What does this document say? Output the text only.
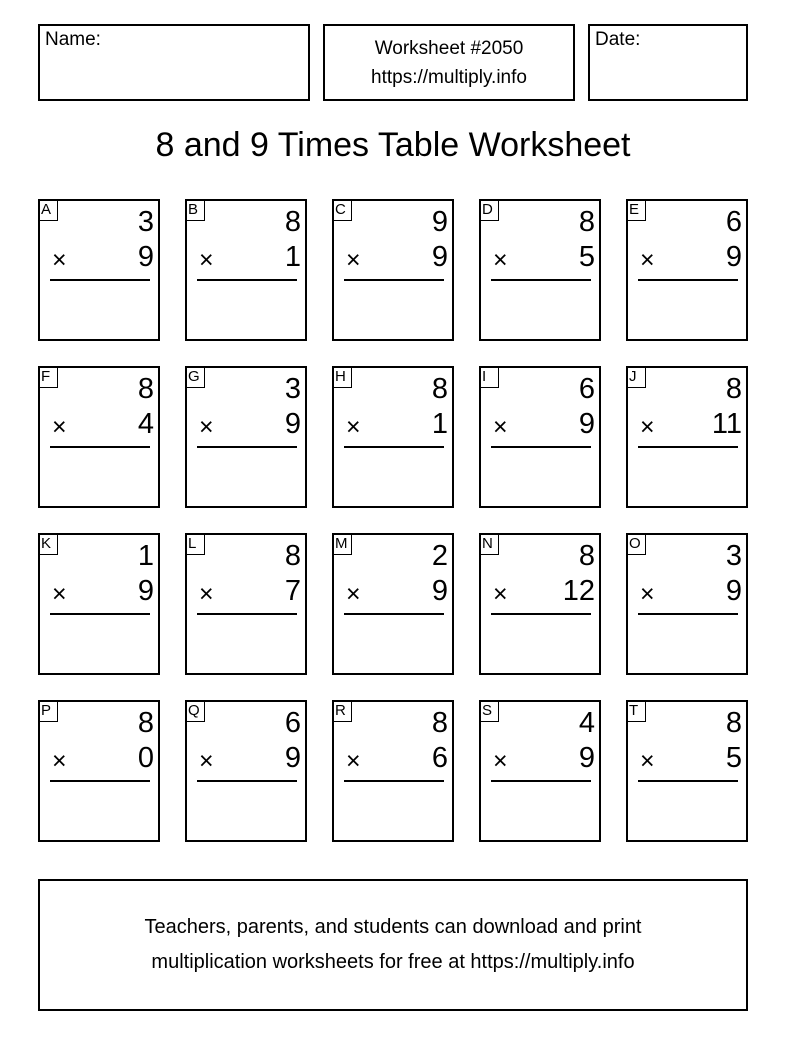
Name:	Worksheet #2050
https://multiply.info
Date:
8 and 9 Times Table Worksheet
A	3
× 9
B	8
× 1
C	9
× 9
D	8
× 5
E	6
× 9
F	8
× 4
G	3
× 9
H	8
× 1
I	6
× 9
J	8
× 11
K	1
× 9
L	8
× 7
M	2
× 9
N	8
× 12
O	3
× 9
P	8
× 0
Q	6
× 9
R	8
× 6
S	4
× 9
T	8
× 5
Teachers, parents, and students can download and print
multiplication worksheets for free at https://multiply.info
